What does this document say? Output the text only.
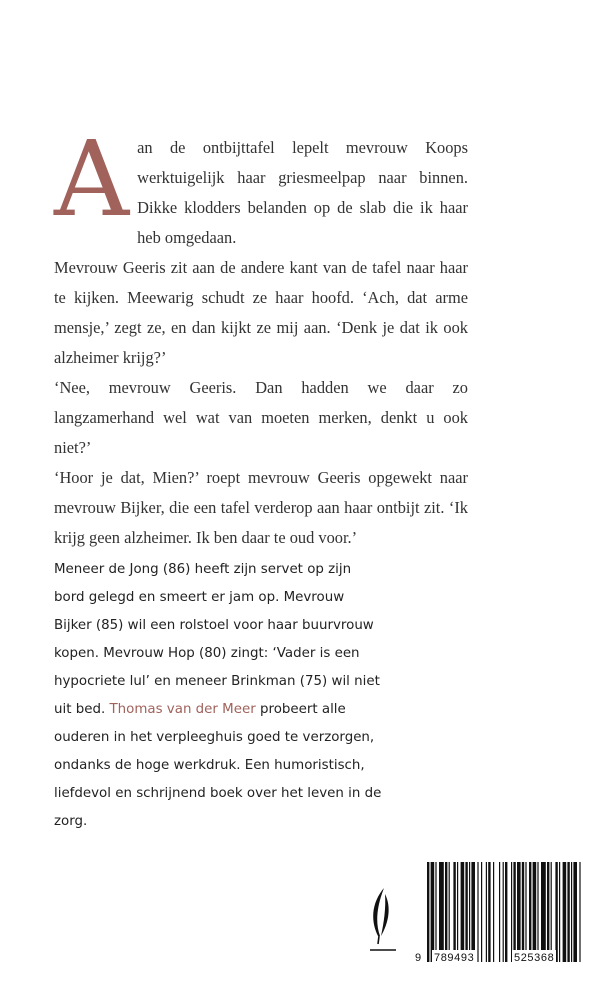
A an de ontbijttafel lepelt mevrouw Koops werktuigelijk haar griesmeelpap naar binnen. Dikke klodders belanden op de slab die ik haar heb omgedaan.

Mevrouw Geeris zit aan de andere kant van de tafel naar haar te kijken. Meewarig schudt ze haar hoofd. ‘Ach, dat arme mensje,’ zegt ze, en dan kijkt ze mij aan. ‘Denk je dat ik ook alzheimer krijg?’

‘Nee, mevrouw Geeris. Dan hadden we daar zo langzamerhand wel wat van moeten merken, denkt u ook niet?’

‘Hoor je dat, Mien?’ roept mevrouw Geeris opgewekt naar mevrouw Bijker, die een tafel verderop aan haar ontbijt zit. ‘Ik krijg geen alzheimer. Ik ben daar te oud voor.’

Meneer de Jong (86) heeft zijn servet op zijn bord gelegd en smeert er jam op. Mevrouw Bijker (85) wil een rolstoel voor haar buurvrouw kopen. Mevrouw Hop (80) zingt: ‘Vader is een hypocriete lul’ en meneer Brinkman (75) wil niet uit bed. Thomas van der Meer probeert alle ouderen in het verpleeghuis goed te verzorgen, ondanks de hoge werkdruk. Een humoristisch, liefdevol en schrijnend boek over het leven in de zorg.
9 789493	525368
